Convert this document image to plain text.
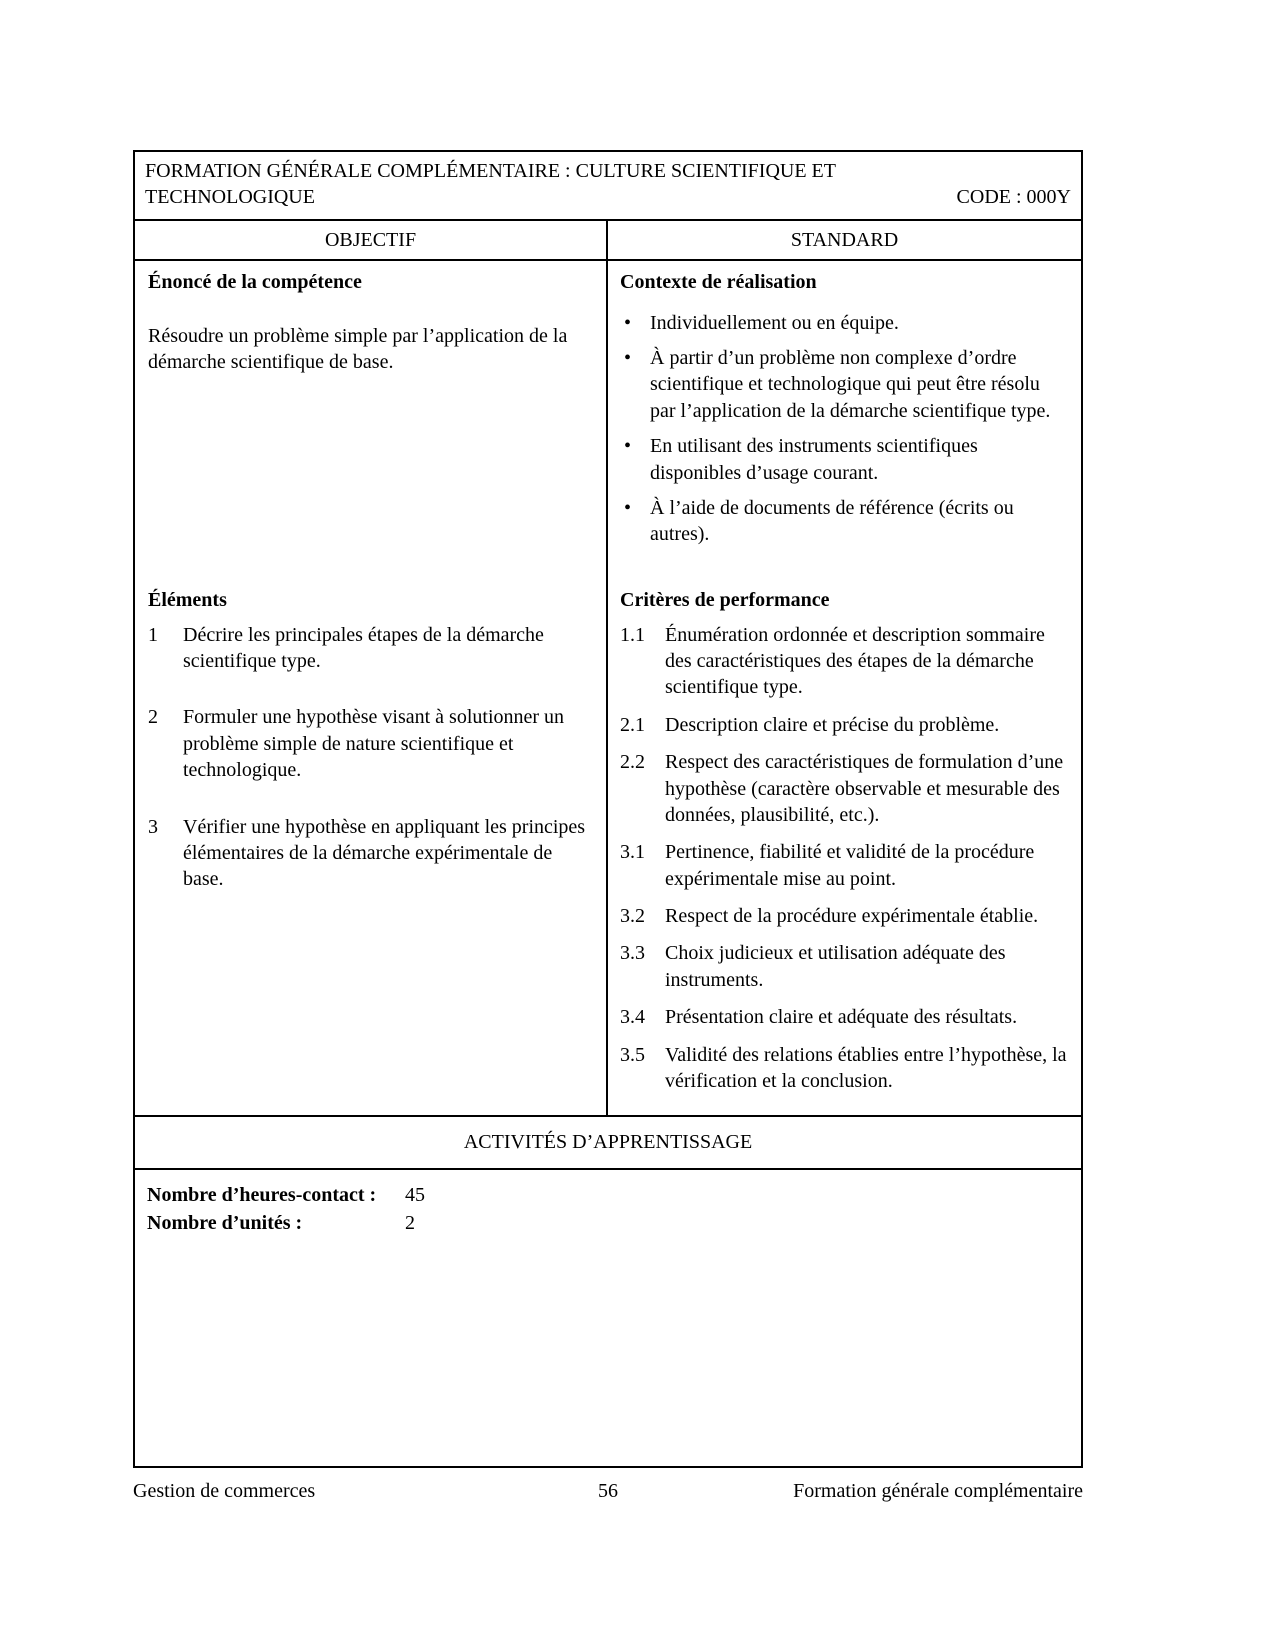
FORMATION GÉNÉRALE COMPLÉMENTAIRE : CULTURE SCIENTIFIQUE ET
TECHNOLOGIQUE	CODE : 000Y
OBJECTIF	STANDARD
Énoncé de la compétence

Résoudre un problème simple par l’application de la démarche scientifique de base.

Contexte de réalisation
• Individuellement ou en équipe.
• À partir d’un problème non complexe d’ordre scientifique et technologique qui peut être résolu par l’application de la démarche scientifique type.
• En utilisant des instruments scientifiques disponibles d’usage courant.
• À l’aide de documents de référence (écrits ou autres).
Éléments
1	Décrire les principales étapes de la démarche scientifique type.
2	Formuler une hypothèse visant à solutionner un problème simple de nature scientifique et technologique.
3	Vérifier une hypothèse en appliquant les principes élémentaires de la démarche expérimentale de base.
Critères de performance
1.1	Énumération ordonnée et description sommaire des caractéristiques des étapes de la démarche scientifique type.
2.1	Description claire et précise du problème.
2.2	Respect des caractéristiques de formulation d’une hypothèse (caractère observable et mesurable des données, plausibilité, etc.).
3.1	Pertinence, fiabilité et validité de la procédure expérimentale mise au point.
3.2	Respect de la procédure expérimentale établie.
3.3	Choix judicieux et utilisation adéquate des instruments.
3.4	Présentation claire et adéquate des résultats.
3.5	Validité des relations établies entre l’hypothèse, la vérification et la conclusion.
ACTIVITÉS D’APPRENTISSAGE
Nombre d’heures-contact :	45
Nombre d’unités :	2
Gestion de commerces	56	Formation générale complémentaire
